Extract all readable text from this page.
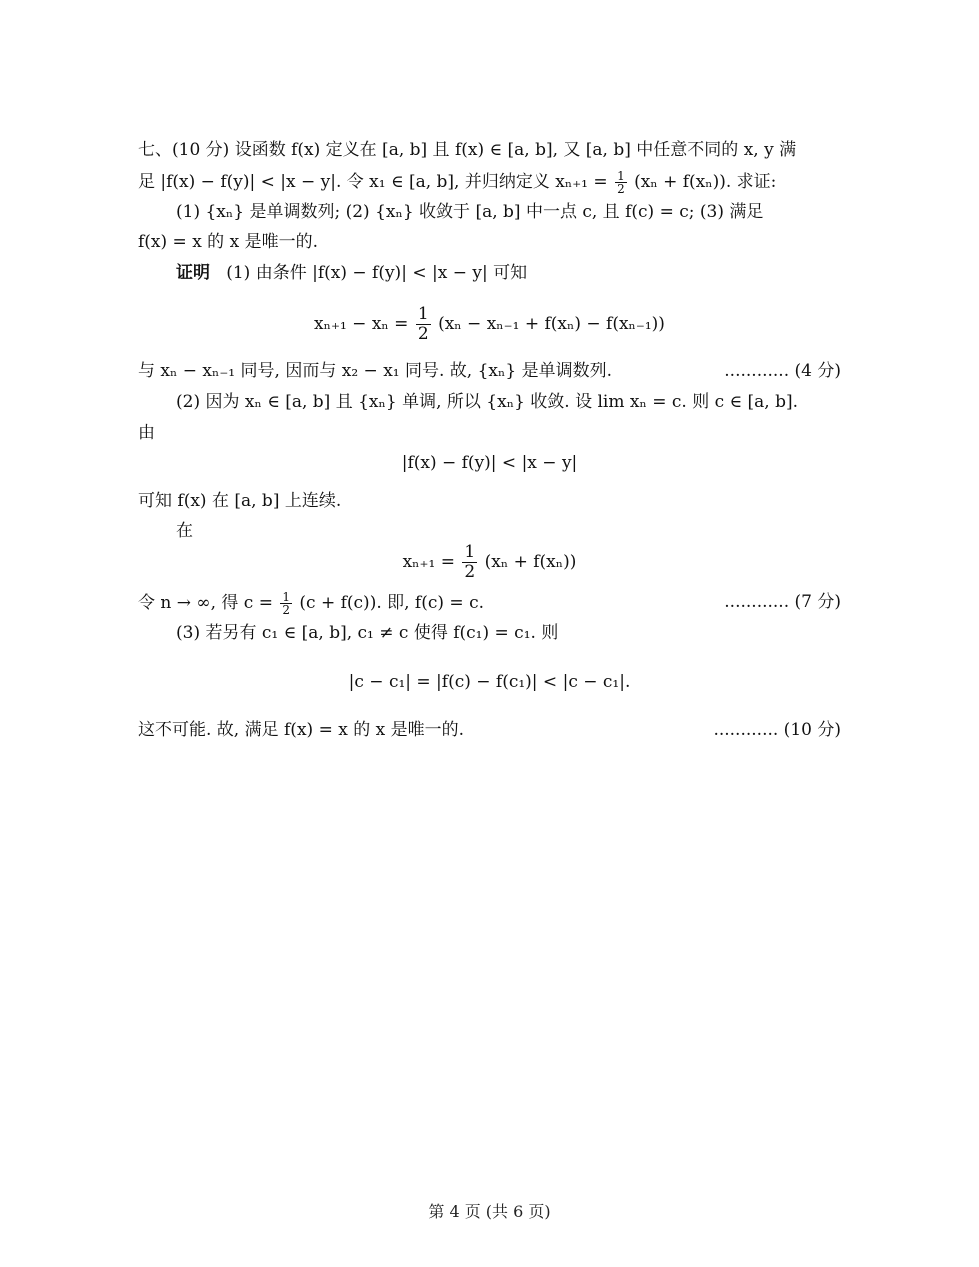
七、(10 分) 设函数 f(x) 定义在 [a, b] 且 f(x) ∈ [a, b], 又 [a, b] 中任意不同的 x, y 满
足 |f(x) − f(y)| < |x − y|. 令 x₁ ∈ [a, b], 并归纳定义 $x_{n+1} = \frac{1}{2} (x_n + f(x_n))$. 求证:
(1) {xₙ} 是单调数列; (2) {xₙ} 收敛于 [a, b] 中一点 c, 且 f(c) = c; (3) 满足
f(x) = x 的 x 是唯一的.
证明 (1) 由条件 |f(x) − f(y)| < |x − y| 可知
$x_{n+1} - x_n = \frac{1}{2} (x_n - x_{n-1} + f(x_n) - f(x_{n-1}))$
与 xₙ − xₙ₋₁ 同号, 因而与 x₂ − x₁ 同号. 故, {xₙ} 是单调数列.	............ (4 分)
(2) 因为 xₙ ∈ [a, b] 且 {xₙ} 单调, 所以 {xₙ} 收敛. 设 lim xₙ = c. 则 c ∈ [a, b].
由
|f(x) − f(y)| < |x − y|
可知 f(x) 在 [a, b] 上连续.
在
$x_{n+1} = \frac{1}{2} (x_n + f(x_n))$
令 n → ∞, 得 $c = \frac{1}{2} (c + f(c))$. 即, f(c) = c.	............ (7 分)
(3) 若另有 c₁ ∈ [a, b], c₁ ≠ c 使得 f(c₁) = c₁. 则
|c − c₁| = |f(c) − f(c₁)| < |c − c₁|.
这不可能. 故, 满足 f(x) = x 的 x 是唯一的.	............ (10 分)
第 4 页 (共 6 页)
